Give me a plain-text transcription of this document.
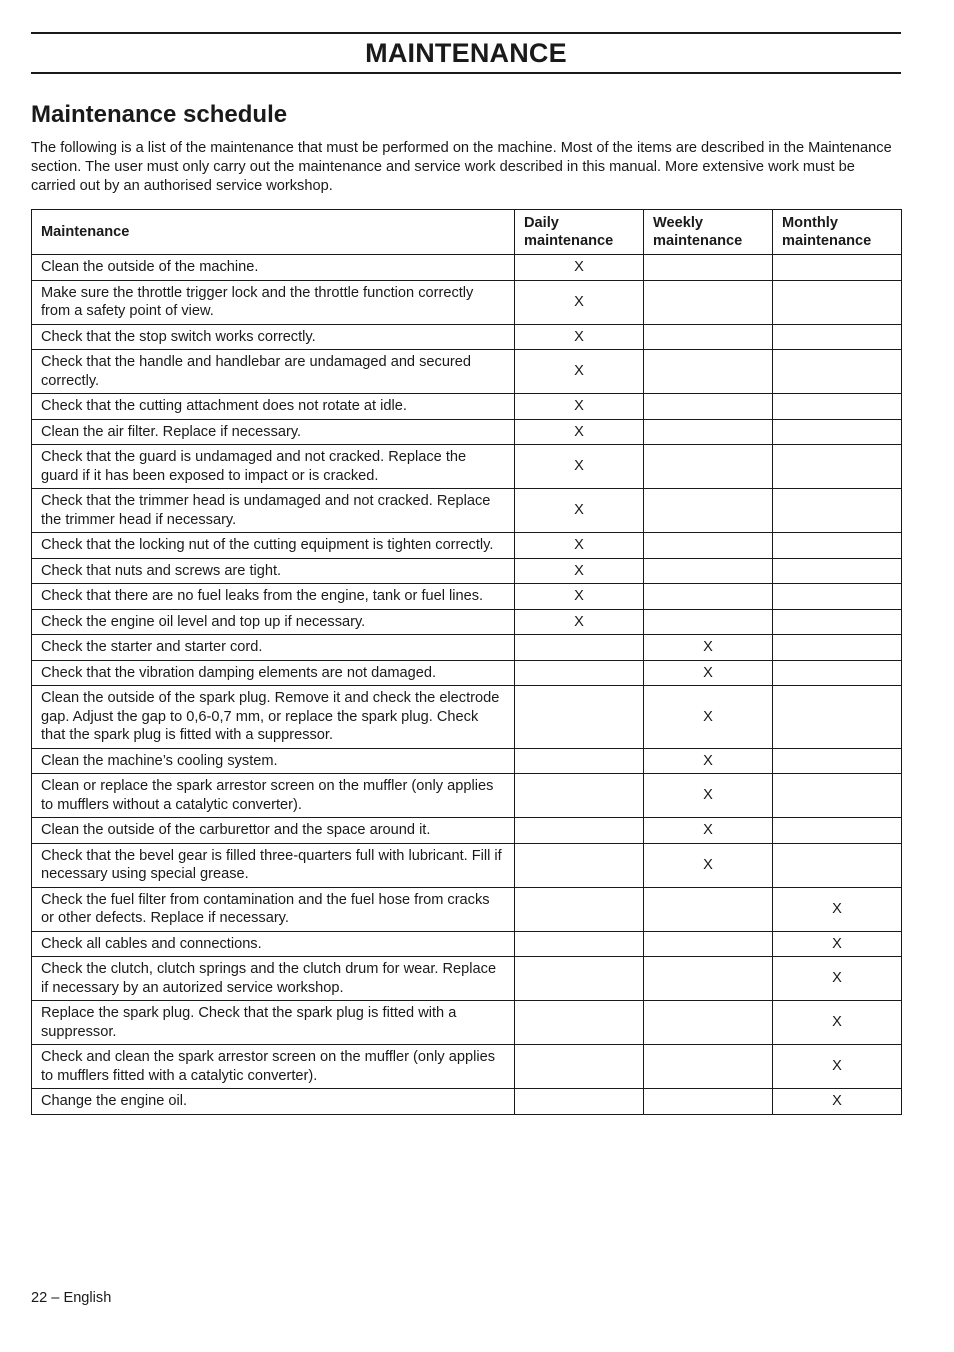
MAINTENANCE
Maintenance schedule

The following is a list of the maintenance that must be performed on the machine. Most of the items are described in the Maintenance section. The user must only carry out the maintenance and service work described in this manual. More extensive work must be carried out by an authorised service workshop.

Maintenance	Daily maintenance	Weekly maintenance	Monthly maintenance
Clean the outside of the machine.	X		
Make sure the throttle trigger lock and the throttle function correctly from a safety point of view.	X		
Check that the stop switch works correctly.	X		
Check that the handle and handlebar are undamaged and secured correctly.	X		
Check that the cutting attachment does not rotate at idle.	X		
Clean the air filter. Replace if necessary.	X		
Check that the guard is undamaged and not cracked. Replace the guard if it has been exposed to impact or is cracked.	X		
Check that the trimmer head is undamaged and not cracked. Replace the trimmer head if necessary.	X		
Check that the locking nut of the cutting equipment is tighten correctly.	X		
Check that nuts and screws are tight.	X		
Check that there are no fuel leaks from the engine, tank or fuel lines.	X		
Check the engine oil level and top up if necessary.	X		
Check the starter and starter cord.		X	
Check that the vibration damping elements are not damaged.		X	
Clean the outside of the spark plug. Remove it and check the electrode gap. Adjust the gap to 0,6-0,7 mm, or replace the spark plug. Check that the spark plug is fitted with a suppressor.		X	
Clean the machine’s cooling system.		X	
Clean or replace the spark arrestor screen on the muffler (only applies to mufflers without a catalytic converter).		X	
Clean the outside of the carburettor and the space around it.		X	
Check that the bevel gear is filled three-quarters full with lubricant. Fill if necessary using special grease.		X	
Check the fuel filter from contamination and the fuel hose from cracks or other defects. Replace if necessary.			X
Check all cables and connections.			X
Check the clutch, clutch springs and the clutch drum for wear. Replace if necessary by an autorized service workshop.			X
Replace the spark plug. Check that the spark plug is fitted with a suppressor.			X
Check and clean the spark arrestor screen on the muffler (only applies to mufflers fitted with a catalytic converter).			X
Change the engine oil.			X
22 – English
